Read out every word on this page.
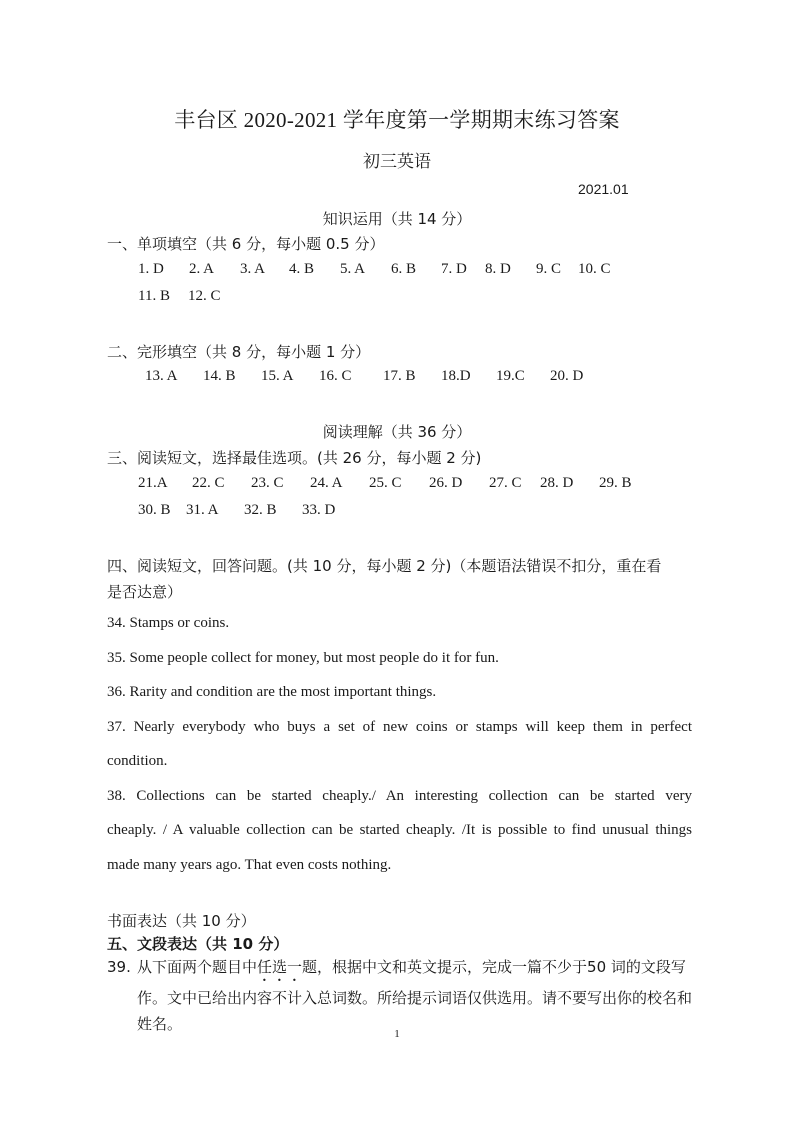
丰台区 2020-2021 学年度第一学期期末练习答案
初三英语
2021.01
知识运用（共 14 分）
一、单项填空（共 6 分，每小题 0.5 分）
1. D 2. A 3. A 4. B 5. A 6. B 7. D 8. D 9. C 10. C
11. B 12. C
二、完形填空（共 8 分，每小题 1 分）
13. A 14. B 15. A 16. C 17. B 18.D 19.C 20. D
阅读理解（共 36 分）
三、阅读短文，选择最佳选项。(共 26 分，每小题 2 分)
21.A 22. C 23. C 24. A 25. C 26. D 27. C 28. D 29. B
30. B 31. A 32. B 33. D
四、阅读短文，回答问题。(共 10 分，每小题 2 分)（本题语法错误不扣分，重在看
是否达意）
34. Stamps or coins.
35. Some people collect for money, but most people do it for fun.
36. Rarity and condition are the most important things.
37. Nearly everybody who buys a set of new coins or stamps will keep them in perfect
condition.
38. Collections can be started cheaply./ An interesting collection can be started very
cheaply. / A valuable collection can be started cheaply. /It is possible to find unusual things
made many years ago. That even costs nothing.
书面表达（共 10 分）
五、文段表达（共 10 分）
39. 从下面两个题目中任选一题，根据中文和英文提示，完成一篇不少于50 词的文段写作。文中已给出内容不计入总词数。所给提示词语仅供选用。请不要写出你的校名和姓名。
1
